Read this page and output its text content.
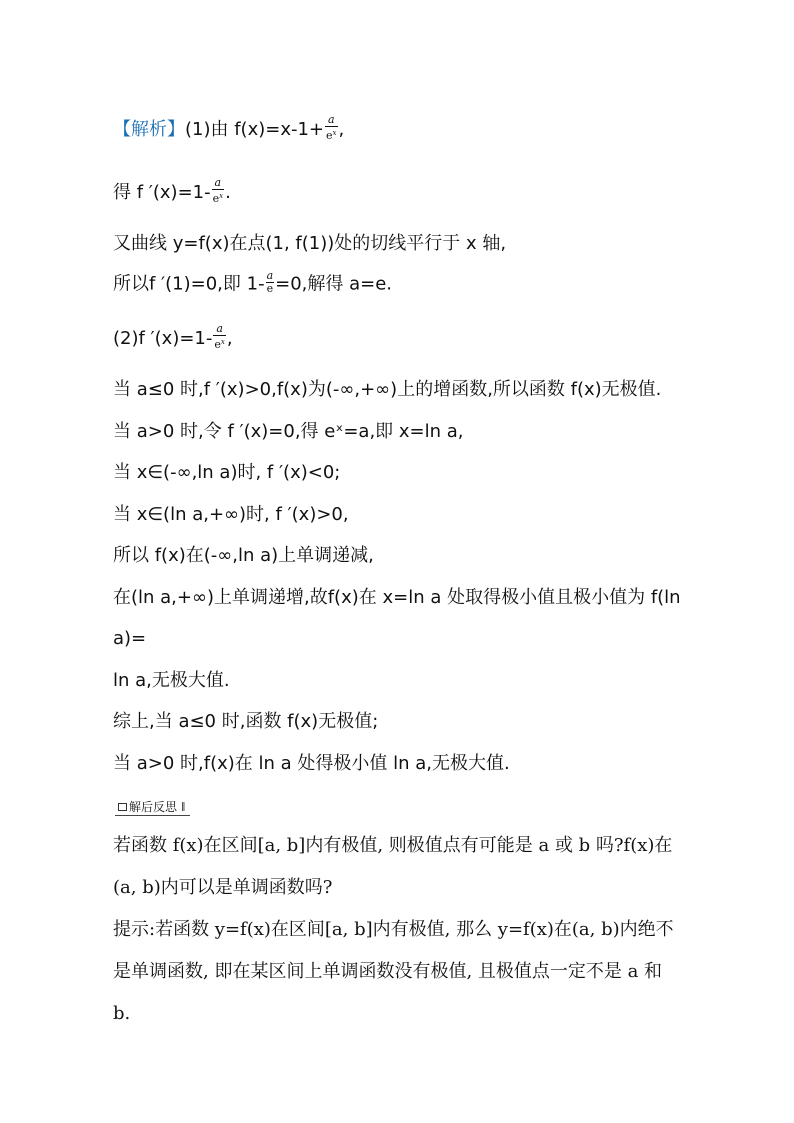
【解析】(1)由 $f(x)=x-1+ \frac{a}{e^x}$ ,
得 f $'(x)=1- \frac{a}{e^x}$ .
又曲线 y=f(x)在点(1, f(1))处的切线平行于 x 轴,
所以f ′(1)=0,即 $1- \frac{a}{e} =0$,解得 a=e.
(2)f $'(x)=1- \frac{a}{e^x}$ ,
当 a≤0 时,f ′(x)>0,f(x)为(-∞,+∞)上的增函数,所以函数 f(x)无极值.
当 a>0 时,令 f ′(x)=0,得 eˣ=a,即 x=ln a,
当 x∈(-∞,ln a)时, f ′(x)<0;
当 x∈(ln a,+∞)时, f ′(x)>0,
所以 f(x)在(-∞,ln a)上单调递减,
在(ln a,+∞)上单调递增,故f(x)在 x=ln a 处取得极小值且极小值为 f(ln
a)=
ln a,无极大值.
综上,当 a≤0 时,函数 f(x)无极值;
当 a>0 时,f(x)在 ln a 处得极小值 ln a,无极大值.
解后反思 ‖
若函数 f(x)在区间[a, b]内有极值, 则极值点有可能是 a 或 b 吗?f(x)在
(a, b)内可以是单调函数吗?
提示:若函数 y=f(x)在区间[a, b]内有极值, 那么 y=f(x)在(a, b)内绝不
是单调函数, 即在某区间上单调函数没有极值, 且极值点一定不是 a 和
b.
